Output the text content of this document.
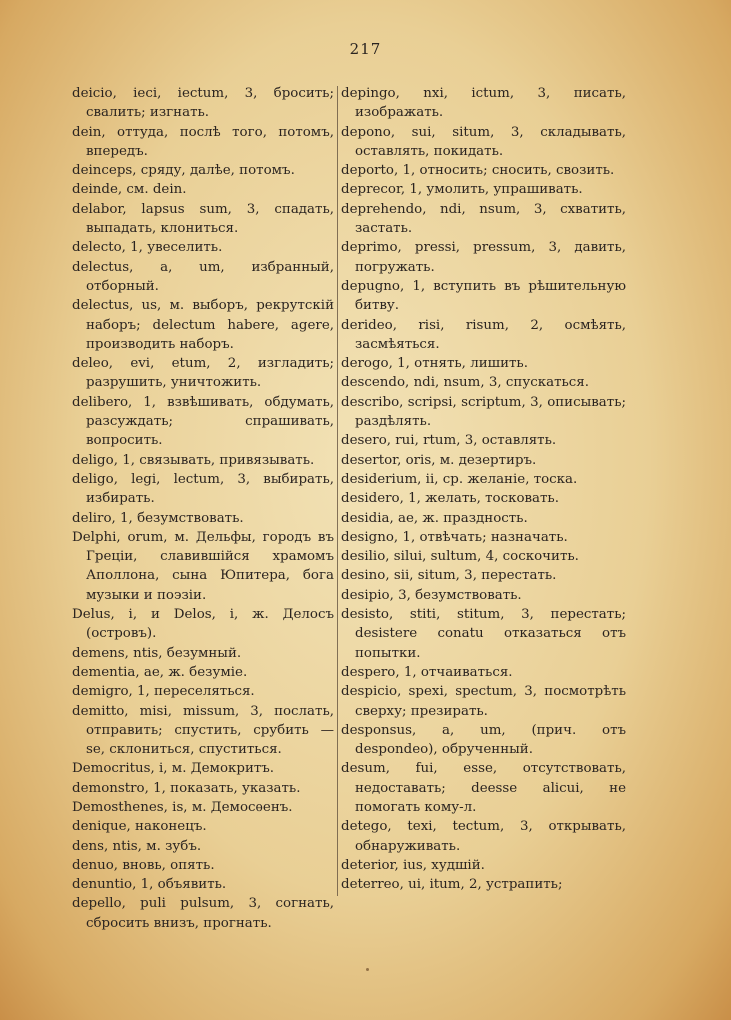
217
deicio, ieci, iectum, 3, бросить; свалить; изгнать.
dein, оттуда, послѣ того, потомъ, впередъ.
deinceps, сряду, далѣе, потомъ.
deinde, см. dein.
delabor, lapsus sum, 3, спадать, выпадать, клониться.
delecto, 1, увеселить.
delectus, a, um, избранный, отборный.
delectus, us, м. выборъ, рекрутскій наборъ; delectum habere, agere, производить наборъ.
deleo, evi, etum, 2, изгладить; разрушить, уничтожить.
delibero, 1, взвѣшивать, обдумать, разсуждать; спрашивать, вопросить.
deligo, 1, связывать, привязывать.
deligo, legi, lectum, 3, выбирать, избирать.
deliro, 1, безумствовать.
Delphi, orum, м. Дельфы, городъ въ Греціи, славившійся храмомъ Аполлона, сына Юпитера, бога музыки и поэзіи.
Delus, i, и Delos, i, ж. Делосъ (островъ).
demens, ntis, безумный.
dementia, ae, ж. безуміе.
demigro, 1, переселяться.
demitto, misi, missum, 3, послать, отправить; спустить, срубить — se, склониться, спуститься.
Democritus, i, м. Демокритъ.
demonstro, 1, показать, указать.
Demosthenes, is, м. Демосѳенъ.
denique, наконецъ.
dens, ntis, м. зубъ.
denuo, вновь, опять.
denuntio, 1, объявить.
depello, puli pulsum, 3, согнать, сбросить внизъ, прогнать.
depingo, nxi, ictum, 3, писать, изображать.
depono, sui, situm, 3, складывать, оставлять, покидать.
deporto, 1, относить; сносить, свозить.
deprecor, 1, умолить, упрашивать.
deprehendo, ndi, nsum, 3, схватить, застать.
deprimo, pressi, pressum, 3, давить, погружать.
depugno, 1, вступить въ рѣшительную битву.
derideo, risi, risum, 2, осмѣять, засмѣяться.
derogo, 1, отнять, лишить.
descendo, ndi, nsum, 3, спускаться.
describo, scripsi, scriptum, 3, описывать; раздѣлять.
desero, rui, rtum, 3, оставлять.
desertor, oris, м. дезертиръ.
desiderium, ii, ср. желаніе, тоска.
desidero, 1, желать, тосковать.
desidia, ae, ж. праздность.
designo, 1, отвѣчать; назначать.
desilio, silui, sultum, 4, соскочить.
desino, sii, situm, 3, перестать.
desipio, 3, безумствовать.
desisto, stiti, stitum, 3, перестать; desistere conatu отказаться отъ попытки.
despero, 1, отчаиваться.
despicio, spexi, spectum, 3, посмотрѣть сверху; презирать.
desponsus, a, um, (прич. отъ despondeo), обрученный.
desum, fui, esse, отсутствовать, недоставать; deesse alicui, не помогать кому-л.
detego, texi, tectum, 3, открывать, обнаруживать.
deterior, ius, худшій.
deterreo, ui, itum, 2, устрапить;
